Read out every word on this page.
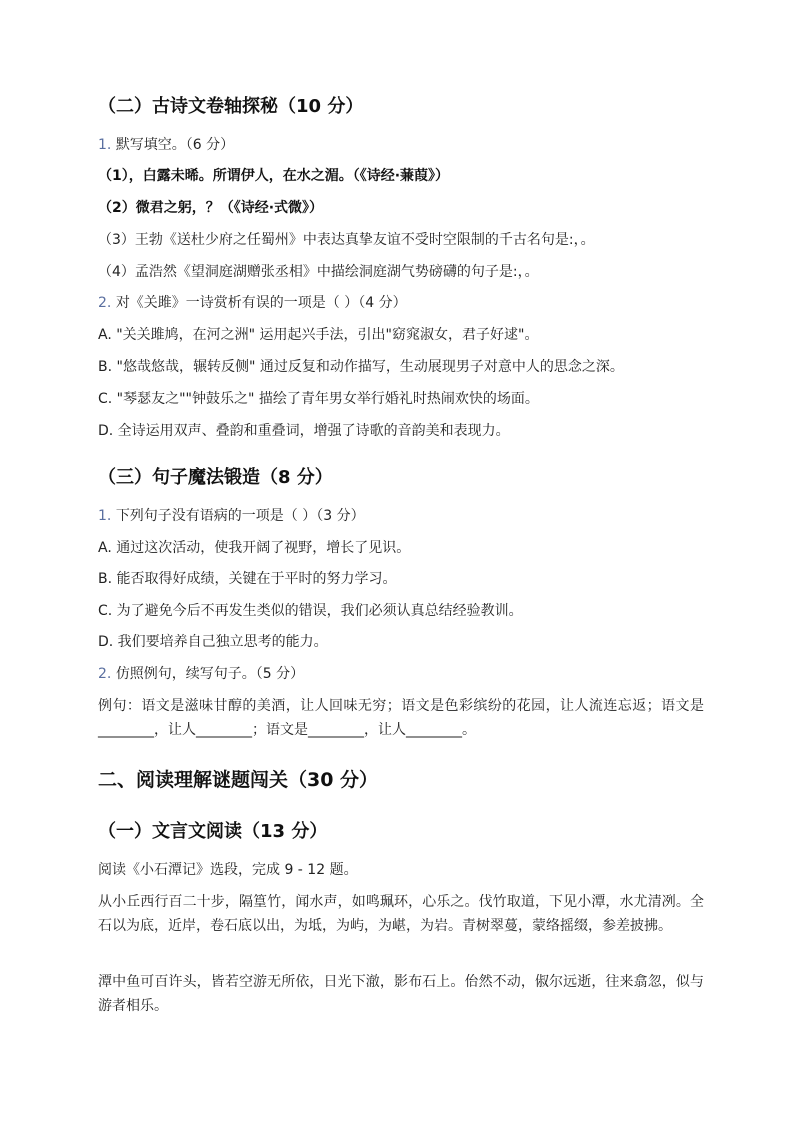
（二）古诗文卷轴探秘（10 分）
1. 默写填空。（6 分）
（1），白露未晞。所谓伊人，在水之湄。（《诗经·蒹葭》）
（2）微君之躬，？（《诗经·式微》）
（3）王勃《送杜少府之任蜀州》中表达真挚友谊不受时空限制的千古名句是:，。
（4）孟浩然《望洞庭湖赠张丞相》中描绘洞庭湖气势磅礴的句子是:，。
2. 对《关雎》一诗赏析有误的一项是（ ）（4 分）
A. "关关雎鸠，在河之洲" 运用起兴手法，引出"窈窕淑女，君子好逑"。
B. "悠哉悠哉，辗转反侧" 通过反复和动作描写，生动展现男子对意中人的思念之深。
C. "琴瑟友之""钟鼓乐之" 描绘了青年男女举行婚礼时热闹欢快的场面。
D. 全诗运用双声、叠韵和重叠词，增强了诗歌的音韵美和表现力。
（三）句子魔法锻造（8 分）
1. 下列句子没有语病的一项是（ ）（3 分）
A. 通过这次活动，使我开阔了视野，增长了见识。
B. 能否取得好成绩，关键在于平时的努力学习。
C. 为了避免今后不再发生类似的错误，我们必须认真总结经验教训。
D. 我们要培养自己独立思考的能力。
2. 仿照例句，续写句子。（5 分）
例句：语文是滋味甘醇的美酒，让人回味无穷；语文是色彩缤纷的花园，让人流连忘返；语文是________，让人________；语文是________，让人________。
二、阅读理解谜题闯关（30 分）
（一）文言文阅读（13 分）
阅读《小石潭记》选段，完成 9 - 12 题。
从小丘西行百二十步，隔篁竹，闻水声，如鸣珮环，心乐之。伐竹取道，下见小潭，水尤清冽。全石以为底，近岸，卷石底以出，为坻，为屿，为嵁，为岩。青树翠蔓，蒙络摇缀，参差披拂。
潭中鱼可百许头，皆若空游无所依，日光下澈，影布石上。佁然不动，俶尔远逝，往来翕忽，似与游者相乐。
